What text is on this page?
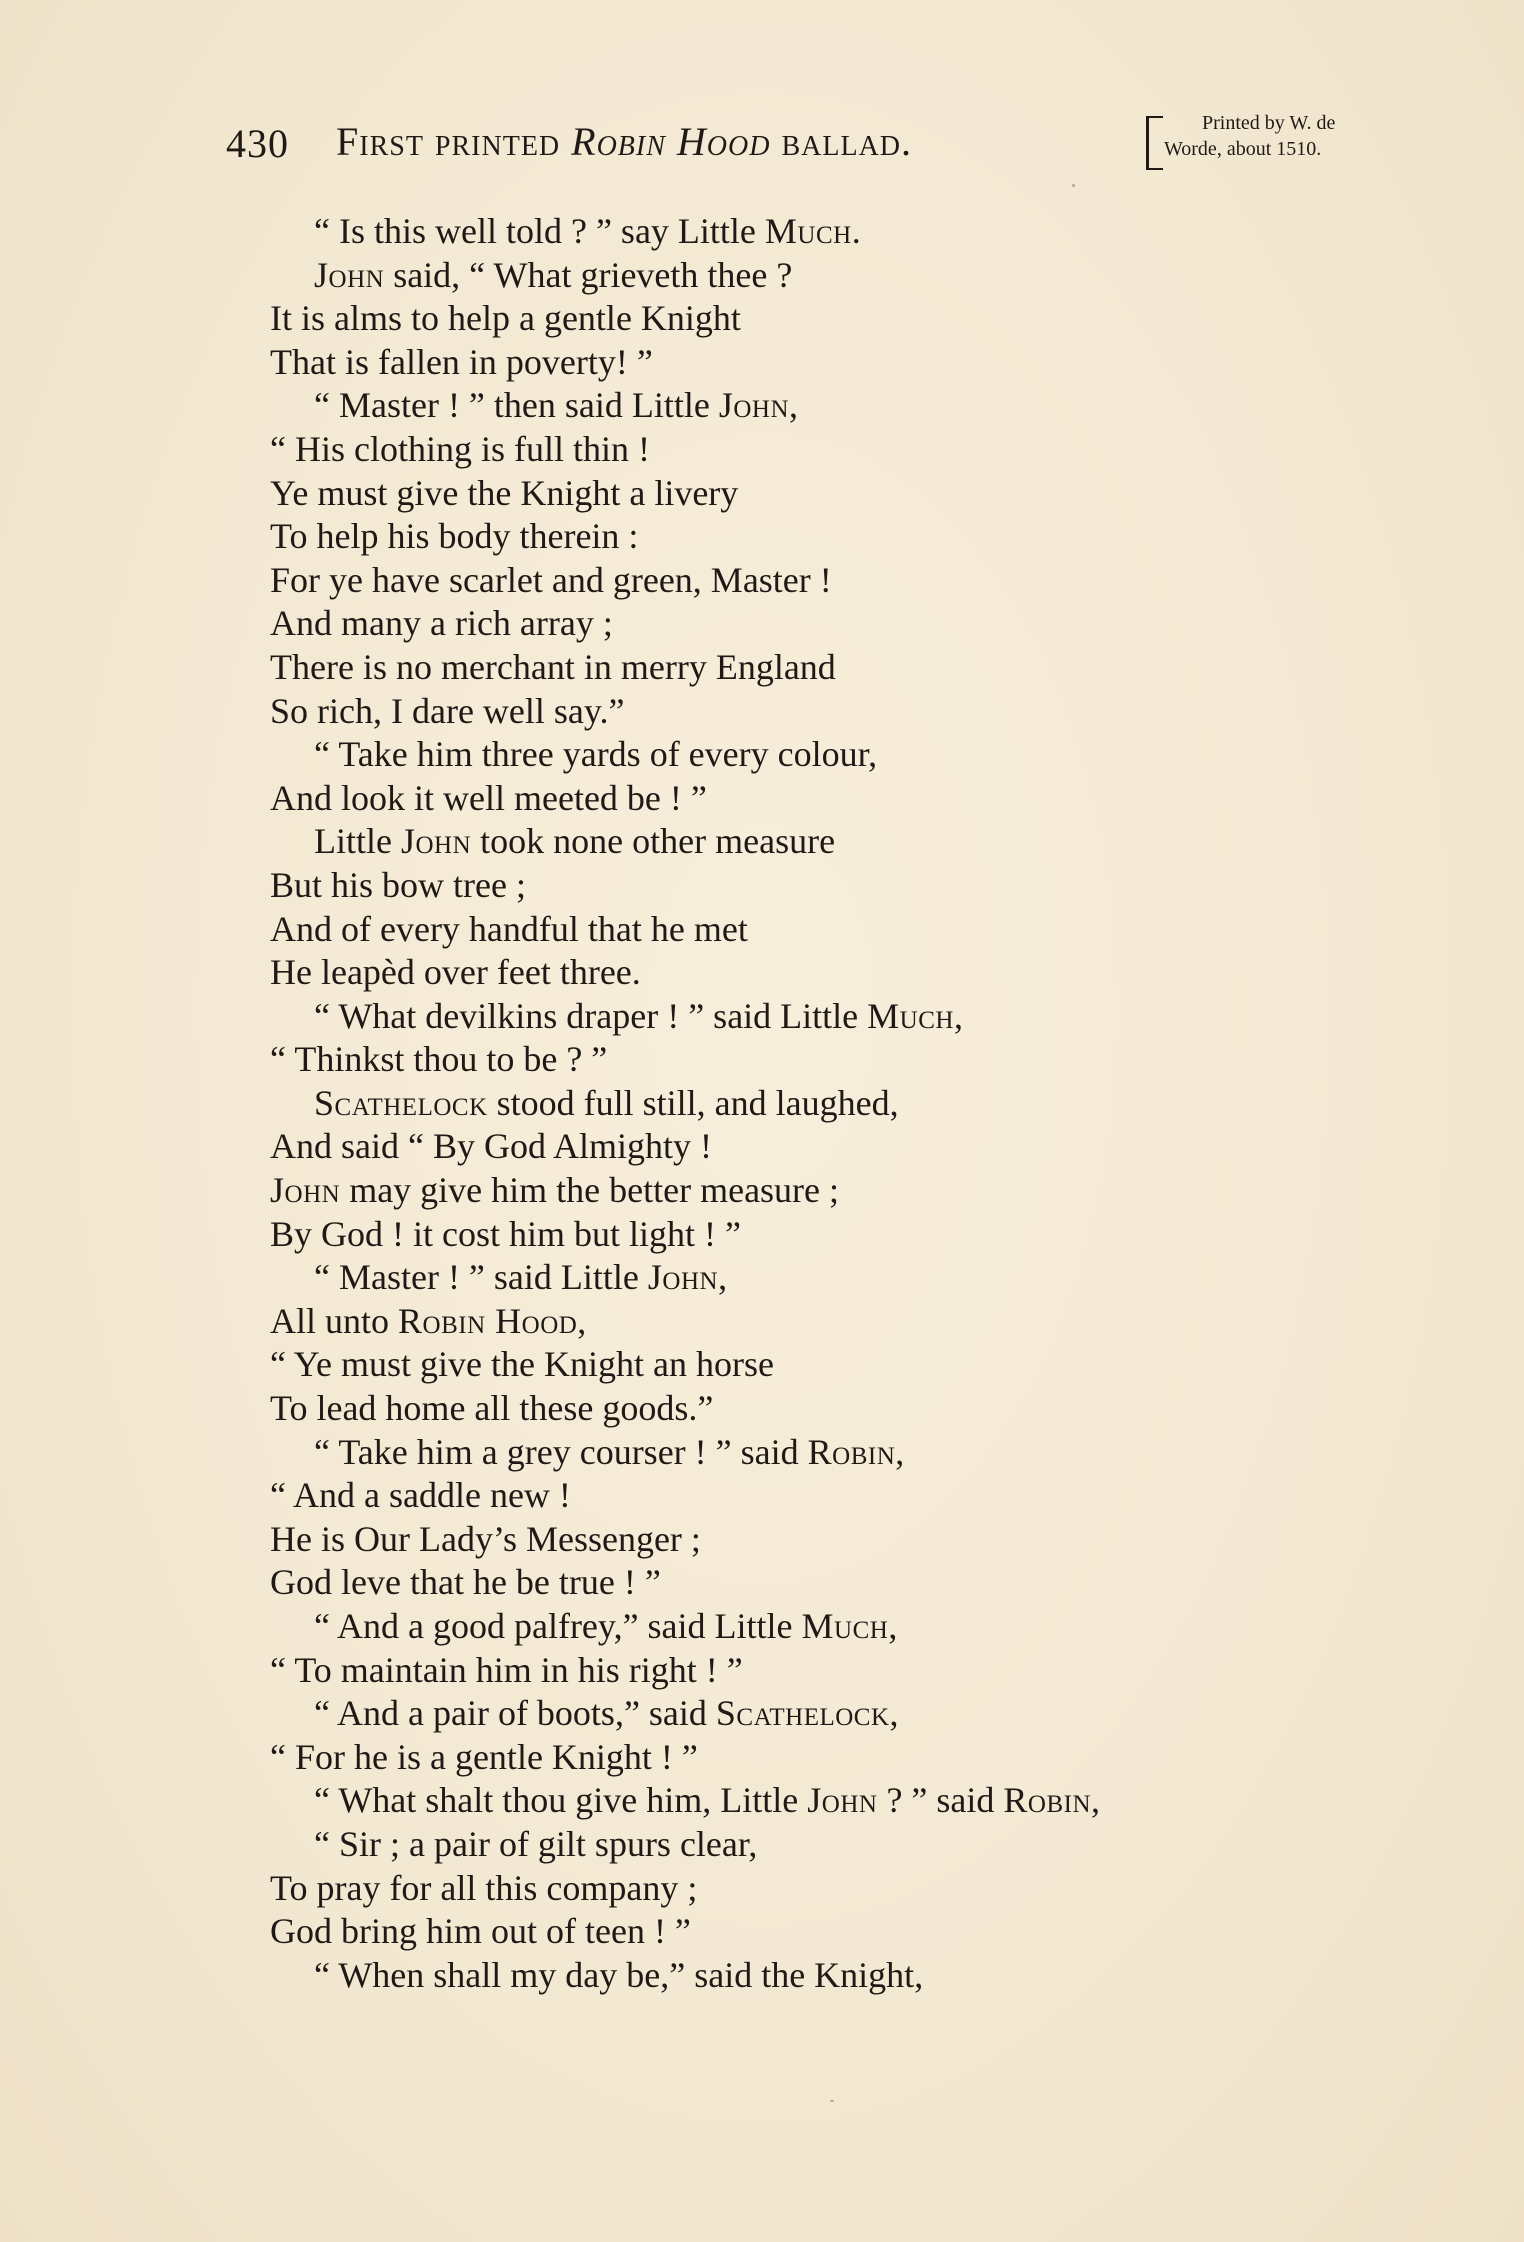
430 First printed Robin Hood ballad.	Printed by W. de
Worde, about 1510.
“ Is this well told ? ” say Little Much.
John said, “ What grieveth thee ?
It is alms to help a gentle Knight
That is fallen in poverty! ”
“ Master ! ” then said Little John,
“ His clothing is full thin !
Ye must give the Knight a livery
To help his body therein :
For ye have scarlet and green, Master !
And many a rich array ;
There is no merchant in merry England
So rich, I dare well say.”
“ Take him three yards of every colour,
And look it well meeted be ! ”
Little John took none other measure
But his bow tree ;
And of every handful that he met
He leapèd over feet three.
“ What devilkins draper ! ” said Little Much,
“ Thinkst thou to be ? ”
Scathelock stood full still, and laughed,
And said “ By God Almighty !
John may give him the better measure ;
By God ! it cost him but light ! ”
“ Master ! ” said Little John,
All unto Robin Hood,
“ Ye must give the Knight an horse
To lead home all these goods.”
“ Take him a grey courser ! ” said Robin,
“ And a saddle new !
He is Our Lady’s Messenger ;
God leve that he be true ! ”
“ And a good palfrey,” said Little Much,
“ To maintain him in his right ! ”
“ And a pair of boots,” said Scathelock,
“ For he is a gentle Knight ! ”
“ What shalt thou give him, Little John ? ” said Robin,
“ Sir ; a pair of gilt spurs clear,
To pray for all this company ;
God bring him out of teen ! ”
“ When shall my day be,” said the Knight,
